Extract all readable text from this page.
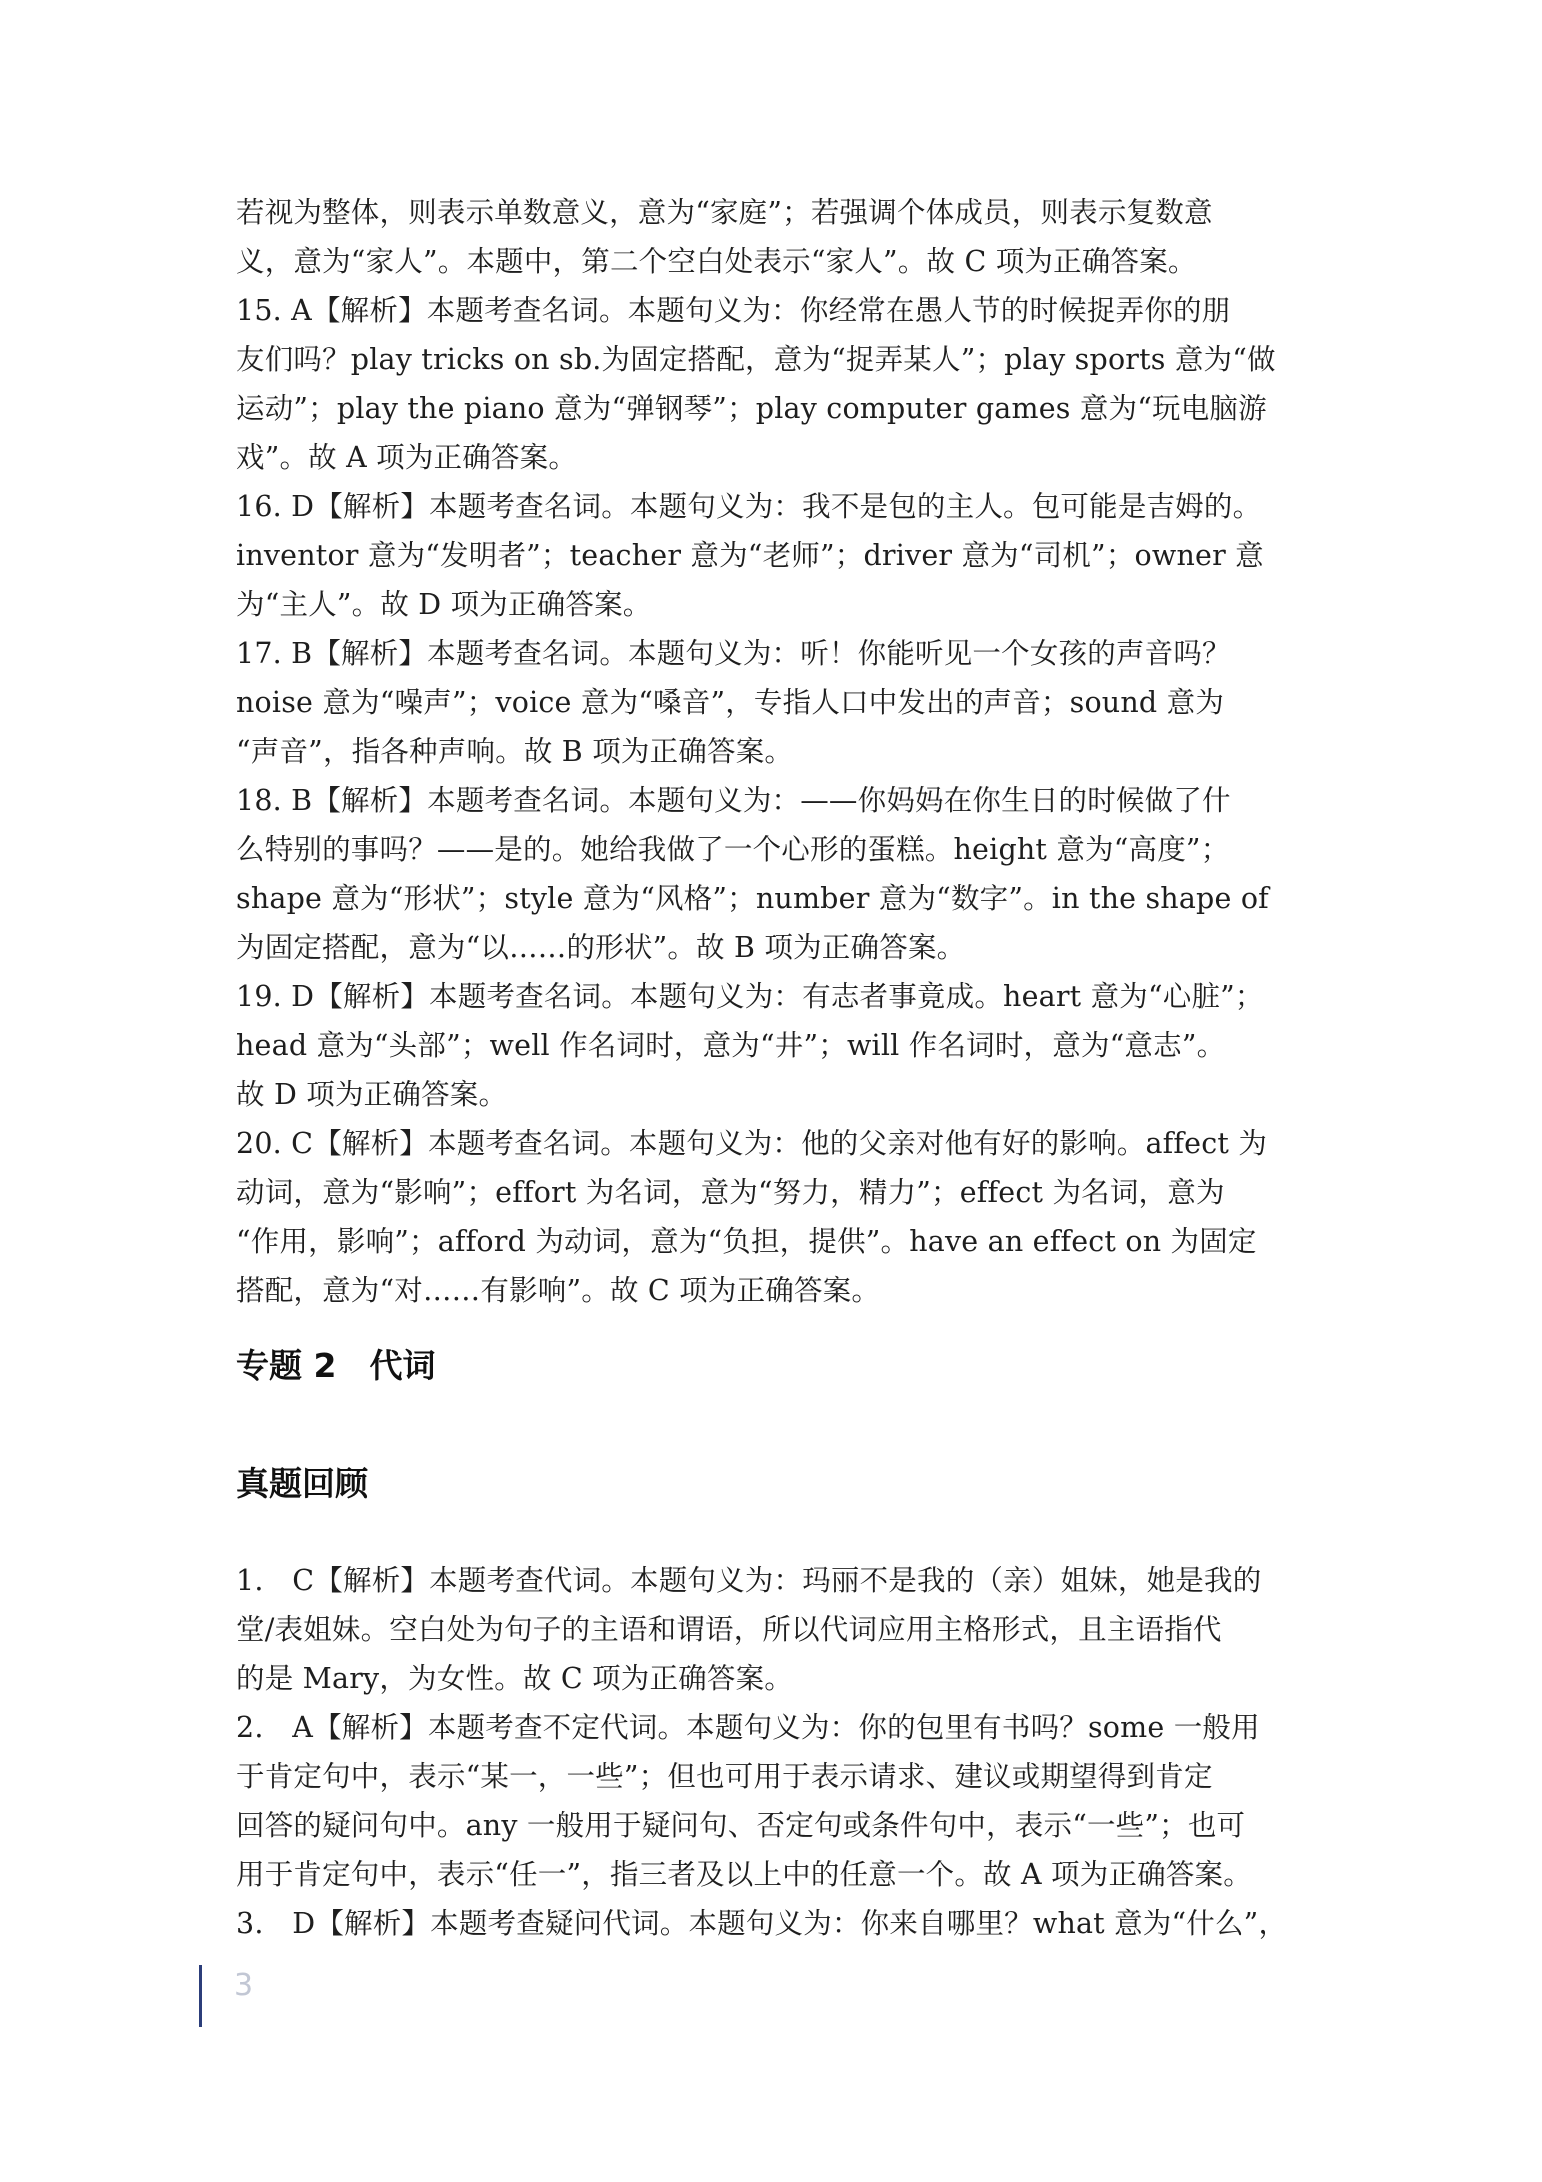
若视为整体，则表示单数意义，意为“家庭”；若强调个体成员，则表示复数意
义，意为“家人”。本题中，第二个空白处表示“家人”。故 C 项为正确答案。
15. A【解析】本题考查名词。本题句义为：你经常在愚人节的时候捉弄你的朋
友们吗？play tricks on sb.为固定搭配，意为“捉弄某人”；play sports 意为“做
运动”；play the piano 意为“弹钢琴”；play computer games 意为“玩电脑游
戏”。故 A 项为正确答案。
16. D【解析】本题考查名词。本题句义为：我不是包的主人。包可能是吉姆的。
inventor 意为“发明者”；teacher 意为“老师”；driver 意为“司机”；owner 意
为“主人”。故 D 项为正确答案。
17. B【解析】本题考查名词。本题句义为：听！你能听见一个女孩的声音吗？
noise 意为“噪声”；voice 意为“嗓音”，专指人口中发出的声音；sound 意为
“声音”，指各种声响。故 B 项为正确答案。
18. B【解析】本题考查名词。本题句义为：——你妈妈在你生日的时候做了什
么特别的事吗？——是的。她给我做了一个心形的蛋糕。height 意为“高度”；
shape 意为“形状”；style 意为“风格”；number 意为“数字”。in the shape of
为固定搭配，意为“以……的形状”。故 B 项为正确答案。
19. D【解析】本题考查名词。本题句义为：有志者事竟成。heart 意为“心脏”；
head 意为“头部”；well 作名词时，意为“井”；will 作名词时，意为“意志”。
故 D 项为正确答案。
20. C【解析】本题考查名词。本题句义为：他的父亲对他有好的影响。affect 为
动词，意为“影响”；effort 为名词，意为“努力，精力”；effect 为名词，意为
“作用，影响”；afford 为动词，意为“负担，提供”。have an effect on 为固定
搭配，意为“对……有影响”。故 C 项为正确答案。
专题 2　代词
真题回顾
1.　C【解析】本题考查代词。本题句义为：玛丽不是我的（亲）姐妹，她是我的
堂/表姐妹。空白处为句子的主语和谓语，所以代词应用主格形式，且主语指代
的是 Mary，为女性。故 C 项为正确答案。
2.　A【解析】本题考查不定代词。本题句义为：你的包里有书吗？some 一般用
于肯定句中，表示“某一，一些”；但也可用于表示请求、建议或期望得到肯定
回答的疑问句中。any 一般用于疑问句、否定句或条件句中，表示“一些”；也可
用于肯定句中，表示“任一”，指三者及以上中的任意一个。故 A 项为正确答案。
3.　D【解析】本题考查疑问代词。本题句义为：你来自哪里？what 意为“什么”，
3
